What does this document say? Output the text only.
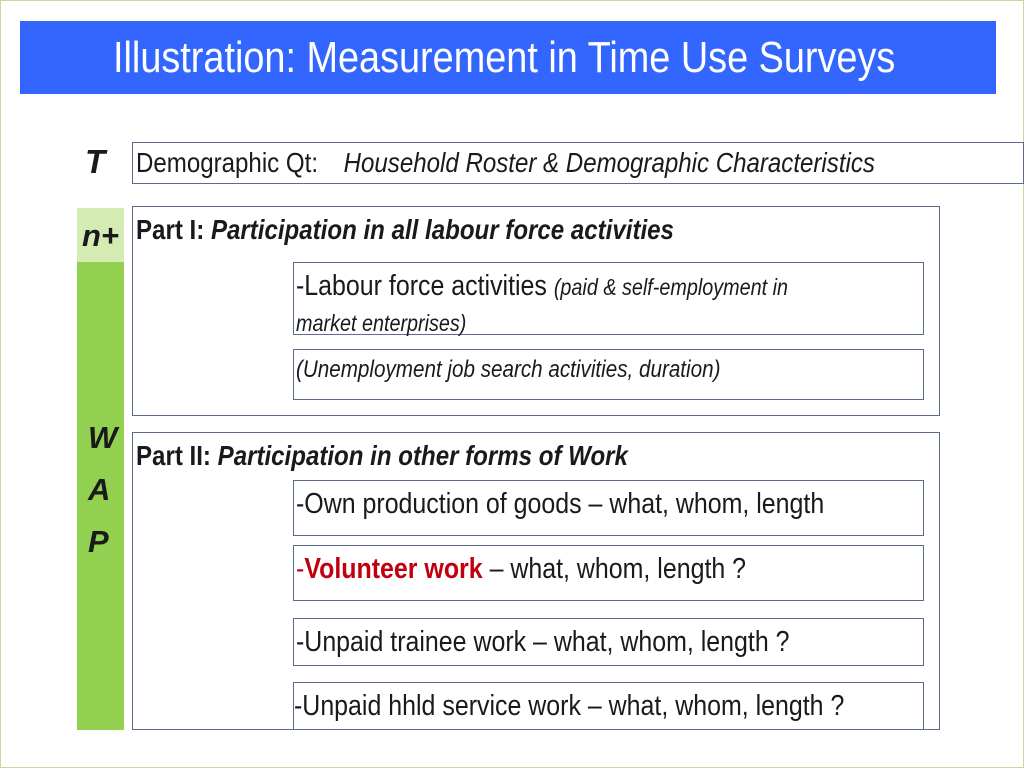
Illustration: Measurement in Time Use Surveys
T
n+
W
A
P
Demographic Qt: Household Roster & Demographic Characteristics
Part I: Participation in all labour force activities
-Labour force activities (paid & self-employment in
market enterprises)
(Unemployment job search activities, duration)
Part II: Participation in other forms of Work
-Own production of goods – what, whom, length
-Volunteer work – what, whom, length ?
-Unpaid trainee work – what, whom, length ?
-Unpaid hhld service work – what, whom, length ?
